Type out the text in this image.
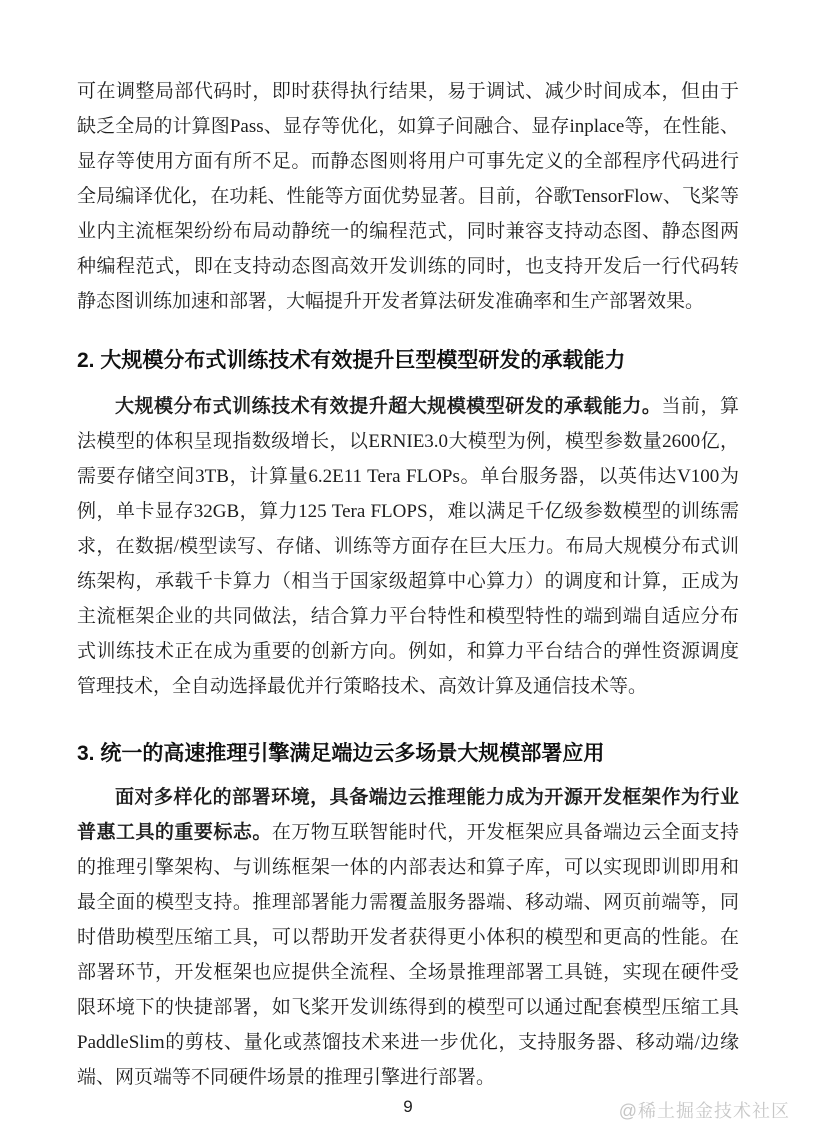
可在调整局部代码时，即时获得执行结果，易于调试、减少时间成本，但由于缺乏全局的计算图Pass、显存等优化，如算子间融合、显存inplace等，在性能、显存等使用方面有所不足。而静态图则将用户可事先定义的全部程序代码进行全局编译优化，在功耗、性能等方面优势显著。目前，谷歌TensorFlow、飞桨等业内主流框架纷纷布局动静统一的编程范式，同时兼容支持动态图、静态图两种编程范式，即在支持动态图高效开发训练的同时，也支持开发后一行代码转静态图训练加速和部署，大幅提升开发者算法研发准确率和生产部署效果。

2. 大规模分布式训练技术有效提升巨型模型研发的承载能力

大规模分布式训练技术有效提升超大规模模型研发的承载能力。当前，算法模型的体积呈现指数级增长，以ERNIE3.0大模型为例，模型参数量2600亿，需要存储空间3TB，计算量6.2E11 Tera FLOPs。单台服务器，以英伟达V100为例，单卡显存32GB，算力125 Tera FLOPS，难以满足千亿级参数模型的训练需求，在数据/模型读写、存储、训练等方面存在巨大压力。布局大规模分布式训练架构，承载千卡算力（相当于国家级超算中心算力）的调度和计算，正成为主流框架企业的共同做法，结合算力平台特性和模型特性的端到端自适应分布式训练技术正在成为重要的创新方向。例如，和算力平台结合的弹性资源调度管理技术，全自动选择最优并行策略技术、高效计算及通信技术等。

3. 统一的高速推理引擎满足端边云多场景大规模部署应用

面对多样化的部署环境，具备端边云推理能力成为开源开发框架作为行业普惠工具的重要标志。在万物互联智能时代，开发框架应具备端边云全面支持的推理引擎架构、与训练框架一体的内部表达和算子库，可以实现即训即用和最全面的模型支持。推理部署能力需覆盖服务器端、移动端、网页前端等，同时借助模型压缩工具，可以帮助开发者获得更小体积的模型和更高的性能。在部署环节，开发框架也应提供全流程、全场景推理部署工具链，实现在硬件受限环境下的快捷部署，如飞桨开发训练得到的模型可以通过配套模型压缩工具PaddleSlim的剪枝、量化或蒸馏技术来进一步优化，支持服务器、移动端/边缘端、网页端等不同硬件场景的推理引擎进行部署。

9	@稀土掘金技术社区
